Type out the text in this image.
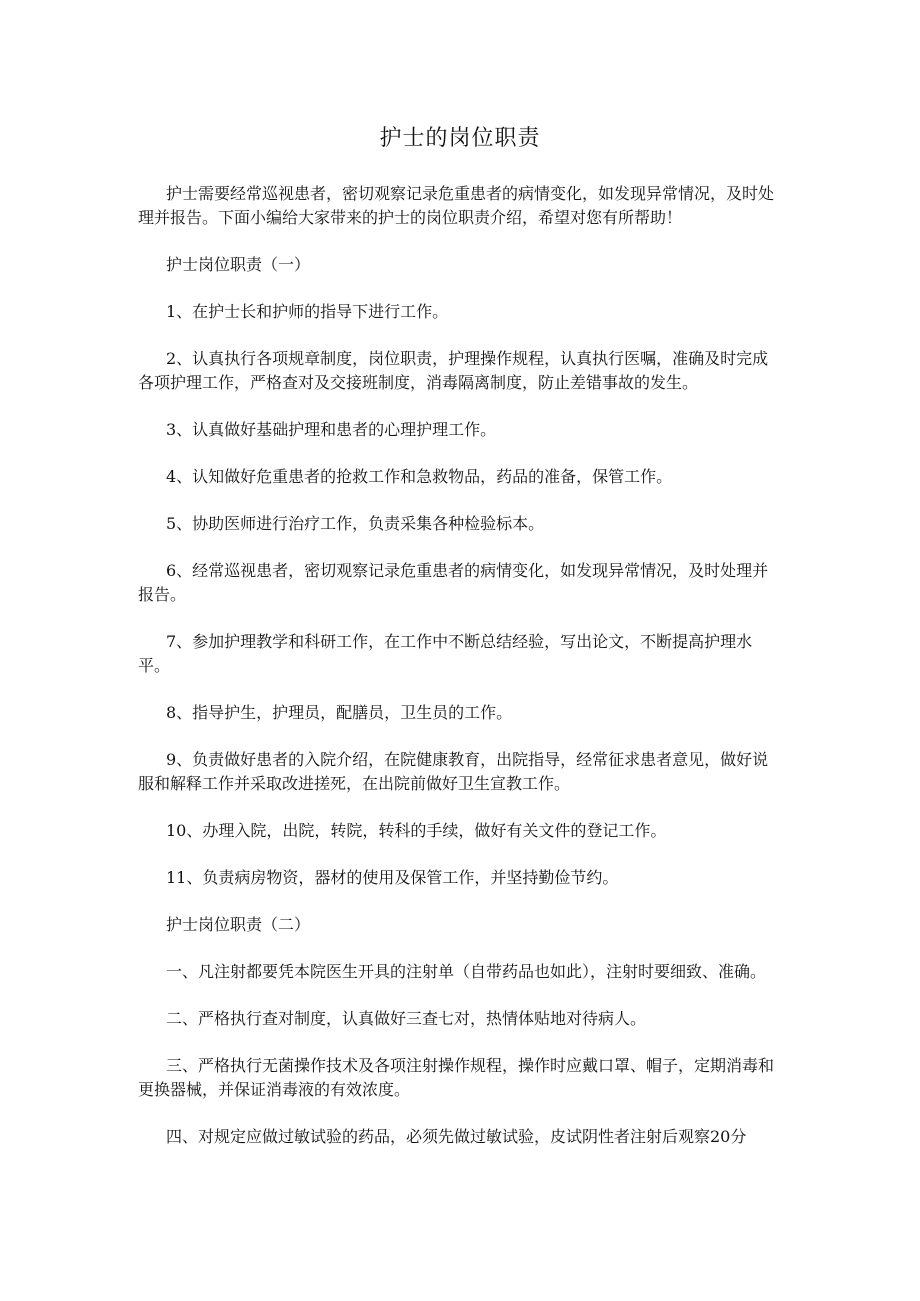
护士的岗位职责

护士需要经常巡视患者，密切观察记录危重患者的病情变化，如发现异常情况，及时处理并报告。下面小编给大家带来的护士的岗位职责介绍，希望对您有所帮助！

护士岗位职责（一）

1、在护士长和护师的指导下进行工作。

2、认真执行各项规章制度，岗位职责，护理操作规程，认真执行医嘱，准确及时完成各项护理工作，严格查对及交接班制度，消毒隔离制度，防止差错事故的发生。

3、认真做好基础护理和患者的心理护理工作。

4、认知做好危重患者的抢救工作和急救物品，药品的准备，保管工作。

5、协助医师进行治疗工作，负责采集各种检验标本。

6、经常巡视患者，密切观察记录危重患者的病情变化，如发现异常情况，及时处理并报告。

7、参加护理教学和科研工作，在工作中不断总结经验，写出论文，不断提高护理水平。

8、指导护生，护理员，配膳员，卫生员的工作。

9、负责做好患者的入院介绍，在院健康教育，出院指导，经常征求患者意见，做好说服和解释工作并采取改进搓死，在出院前做好卫生宣教工作。

10、办理入院，出院，转院，转科的手续，做好有关文件的登记工作。

11、负责病房物资，器材的使用及保管工作，并坚持勤俭节约。

护士岗位职责（二）

一、凡注射都要凭本院医生开具的注射单（自带药品也如此），注射时要细致、准确。

二、严格执行查对制度，认真做好三查七对，热情体贴地对待病人。

三、严格执行无菌操作技术及各项注射操作规程，操作时应戴口罩、帽子，定期消毒和更换器械，并保证消毒液的有效浓度。

四、对规定应做过敏试验的药品，必须先做过敏试验，皮试阴性者注射后观察20分
